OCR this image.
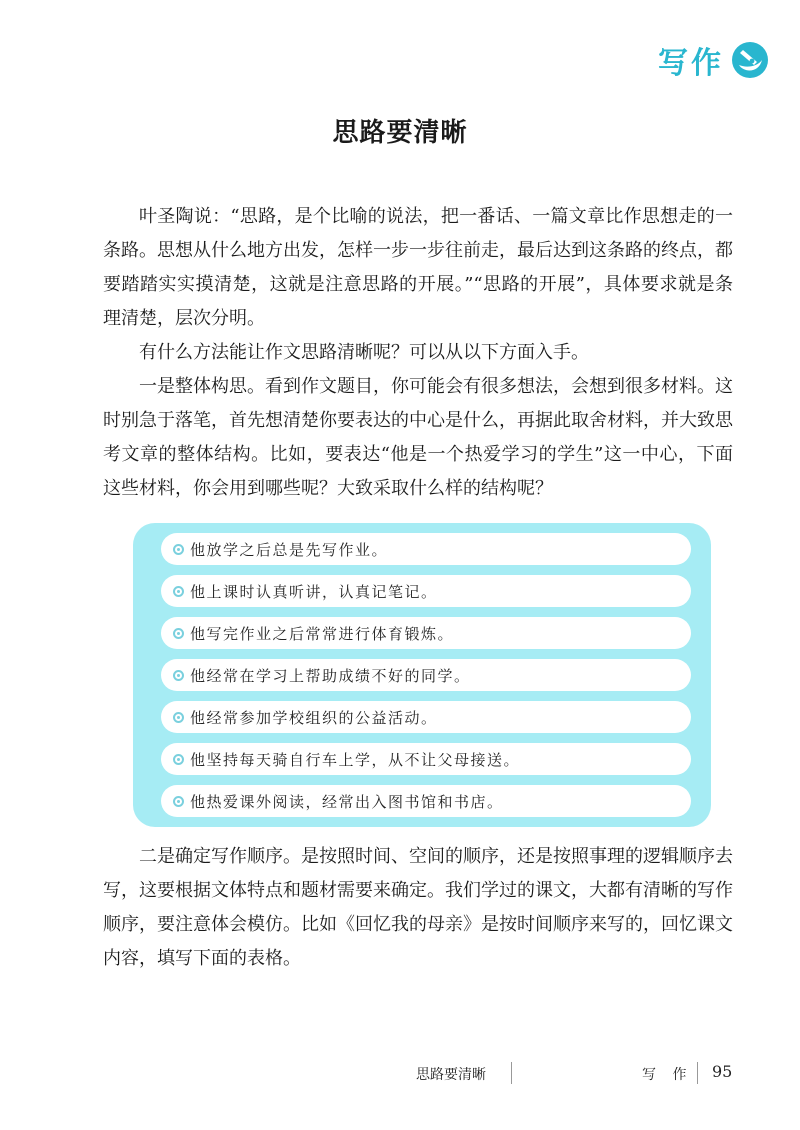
写作
思路要清晰

叶圣陶说：“思路，是个比喻的说法，把一番话、一篇文章比作思想走的一条路。思想从什么地方出发，怎样一步一步往前走，最后达到这条路的终点，都要踏踏实实摸清楚，这就是注意思路的开展。”“思路的开展”，具体要求就是条理清楚，层次分明。

有什么方法能让作文思路清晰呢？可以从以下方面入手。

一是整体构思。看到作文题目，你可能会有很多想法，会想到很多材料。这时别急于落笔，首先想清楚你要表达的中心是什么，再据此取舍材料，并大致思考文章的整体结构。比如，要表达“他是一个热爱学习的学生”这一中心，下面这些材料，你会用到哪些呢？大致采取什么样的结构呢？

他放学之后总是先写作业。
他上课时认真听讲，认真记笔记。
他写完作业之后常常进行体育锻炼。
他经常在学习上帮助成绩不好的同学。
他经常参加学校组织的公益活动。
他坚持每天骑自行车上学，从不让父母接送。
他热爱课外阅读，经常出入图书馆和书店。

二是确定写作顺序。是按照时间、空间的顺序，还是按照事理的逻辑顺序去写，这要根据文体特点和题材需要来确定。我们学过的课文，大都有清晰的写作顺序，要注意体会模仿。比如《回忆我的母亲》是按时间顺序来写的，回忆课文内容，填写下面的表格。

思路要清晰	写 作 95
